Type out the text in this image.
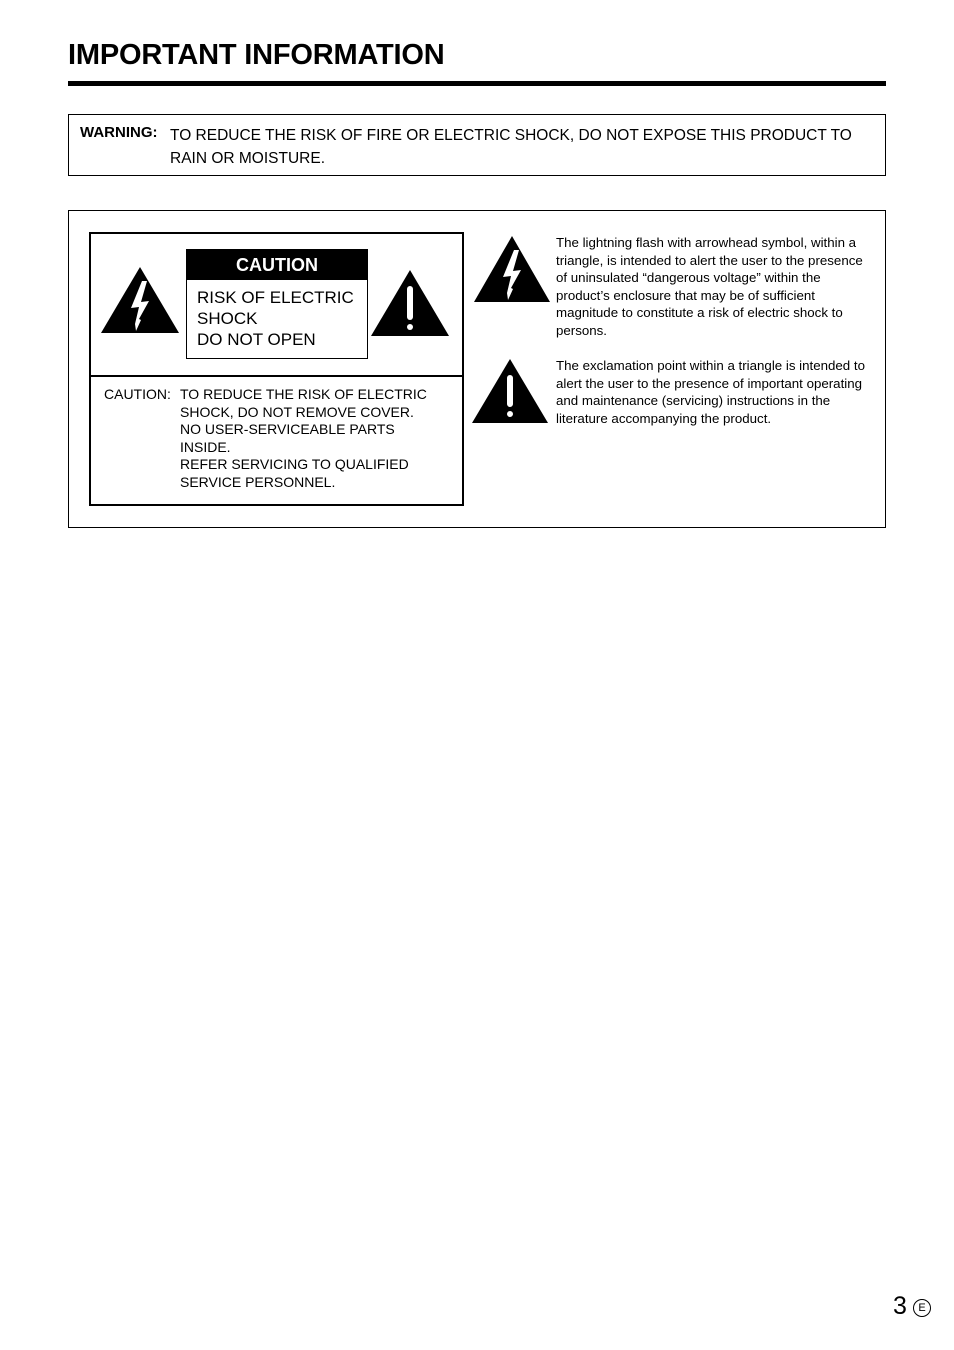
IMPORTANT INFORMATION
WARNING: TO REDUCE THE RISK OF FIRE OR ELECTRIC SHOCK, DO NOT EXPOSE THIS PRODUCT TO RAIN OR MOISTURE.
CAUTION
RISK OF ELECTRIC
SHOCK
DO NOT OPEN
CAUTION: TO REDUCE THE RISK OF ELECTRIC
SHOCK, DO NOT REMOVE COVER.
NO USER-SERVICEABLE PARTS
INSIDE.
REFER SERVICING TO QUALIFIED
SERVICE PERSONNEL.
The lightning flash with arrowhead symbol, within a triangle, is intended to alert the user to the presence of uninsulated “dangerous voltage” within the product’s enclosure that may be of sufficient magnitude to constitute a risk of electric shock to persons.
The exclamation point within a triangle is intended to alert the user to the presence of important operating and maintenance (servicing) instructions in the literature accompanying the product.
3	E
